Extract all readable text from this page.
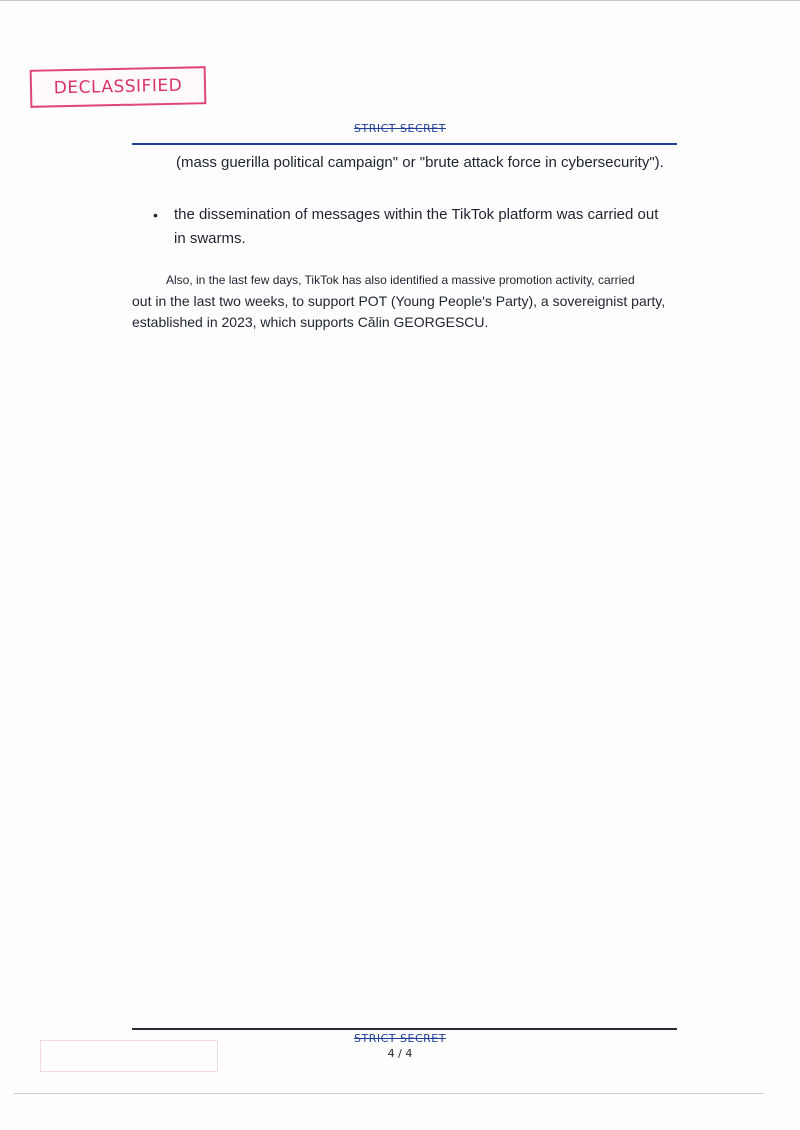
DECLASSIFIED
STRICT SECRET
(mass guerilla political campaign" or "brute attack force in cybersecurity").
• the dissemination of messages within the TikTok platform was carried out in swarms.
Also, in the last few days, TikTok has also identified a massive promotion activity, carried
out in the last two weeks, to support POT (Young People's Party), a sovereignist party, established in 2023, which supports Călin GEORGESCU.
STRICT SECRET
4 / 4
